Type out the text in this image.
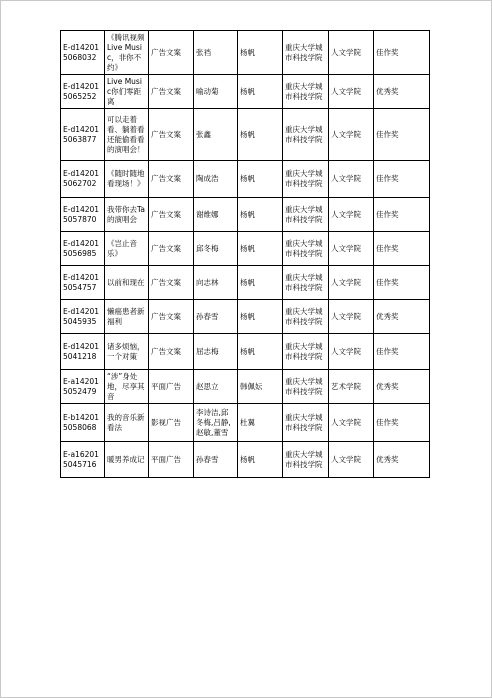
E-d142015068032	《腾讯视频Live Music，非你不约》	广告文案	张裆	杨帆	重庆大学城市科技学院	人文学院	佳作奖
E-d142015065252	Live Music你们零距离	广告文案	喻动菊	杨帆	重庆大学城市科技学院	人文学院	优秀奖
E-d142015063877	可以走着看、躺着看还能偷看看的演唱会！	广告文案	张鑫	杨帆	重庆大学城市科技学院	人文学院	佳作奖
E-d142015062702	《随时随地看现场！》	广告文案	陶成浩	杨帆	重庆大学城市科技学院	人文学院	佳作奖
E-d142015057870	我带你去Ta的演唱会	广告文案	谢维娜	杨帆	重庆大学城市科技学院	人文学院	佳作奖
E-d142015056985	《岂止音乐》	广告文案	邱冬梅	杨帆	重庆大学城市科技学院	人文学院	佳作奖
E-d142015054757	以前和现在	广告文案	向志林	杨帆	重庆大学城市科技学院	人文学院	佳作奖
E-d142015045935	懒癌患者新福利	广告文案	孙春雪	杨帆	重庆大学城市科技学院	人文学院	优秀奖
E-d142015041218	诸多烦恼，一个对策	广告文案	屈志梅	杨帆	重庆大学城市科技学院	人文学院	佳作奖
E-a142015052479	“涉”身处地，尽享其音	平面广告	赵思立	韩佩妘	重庆大学城市科技学院	艺术学院	优秀奖
E-b142015058068	我的音乐新看法	影视广告	李诗洁,邱冬梅,吕静,赵敏,董雪	杜翼	重庆大学城市科技学院	人文学院	佳作奖
E-a162015045716	暖男养成记	平面广告	孙春雪	杨帆	重庆大学城市科技学院	人文学院	优秀奖
